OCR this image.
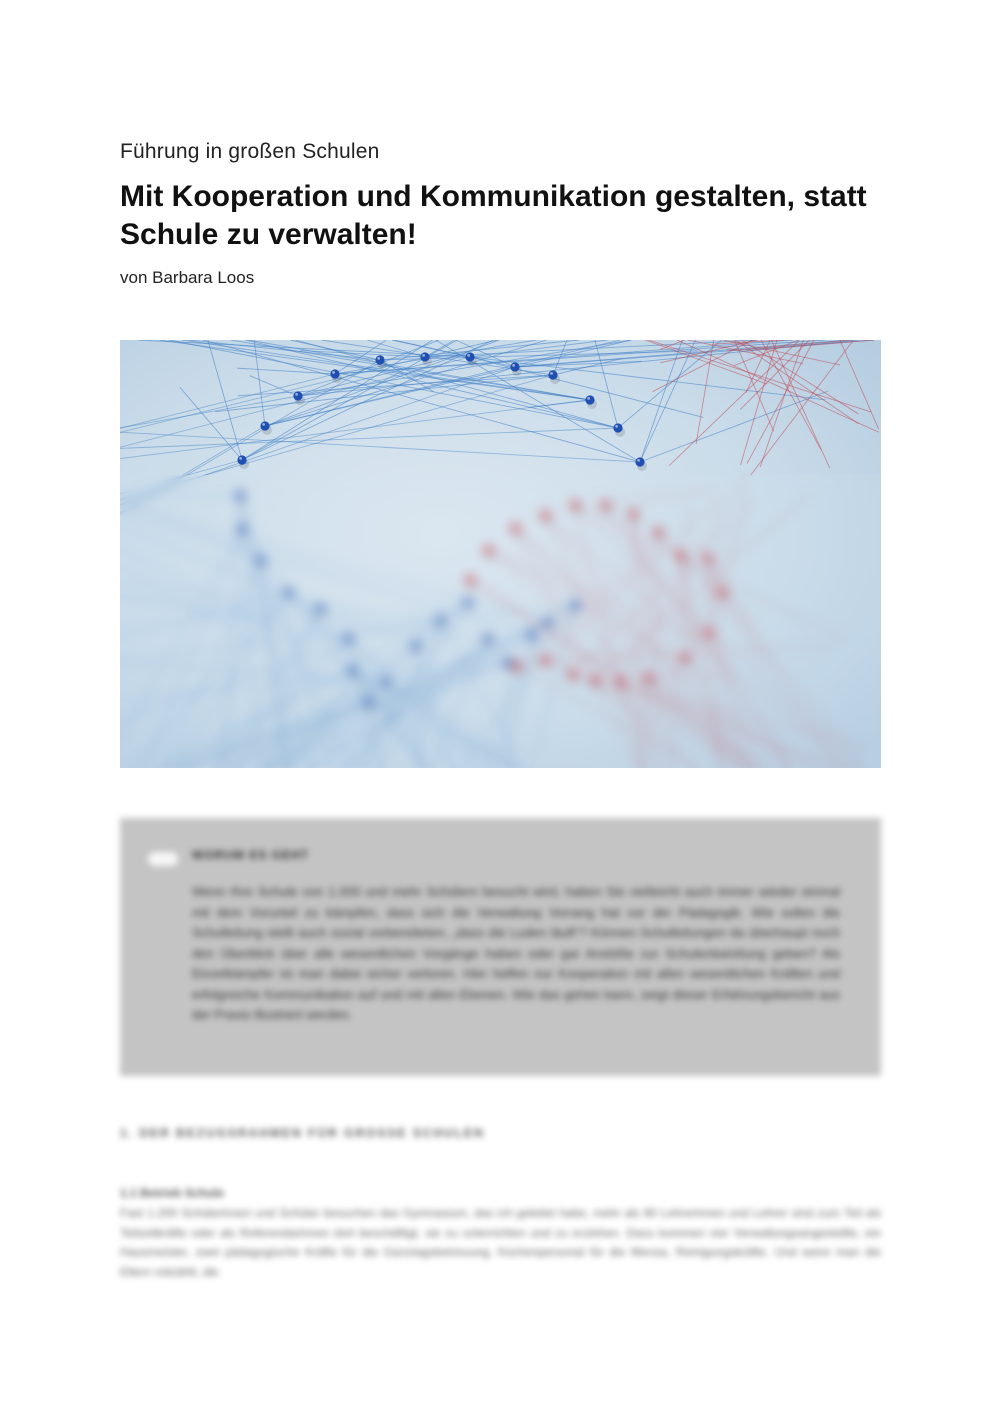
Führung in großen Schulen
Mit Kooperation und Kommunikation gestalten, statt Schule zu verwalten!
von Barbara Loos
WORUM ES GEHT
Wenn Ihre Schule von 1.000 und mehr Schülern besucht wird, haben Sie vielleicht auch immer wieder einmal mit dem Vorurteil zu kämpfen, dass sich die Verwaltung Vorrang hat vor der Pädagogik. Wie sollen die Schulleitung stellt auch sozial vorbereiteten, „dass die Luden läuft“? Können Schulleitungen da überhaupt noch den Überblick über alle wesentlichen Vorgänge haben oder gar Anstöße zur Schulentwicklung geben? Als Einzelkämpfer ist man dabei sicher verloren. Hier helfen nur Kooperation mit allen wesentlichen Kräften und erfolgreiche Kommunikation auf und mit allen Ebenen. Wie das gehen kann, zeigt dieser Erfahrungsbericht aus der Praxis illustriert werden.
1. DER BEZUGSRAHMEN FÜR GROSSE SCHULEN
1.1 Betrieb Schule
Fast 1.200 Schülerinnen und Schüler besuchen das Gymnasium, das ich geleitet habe, mehr als 80 Lehrerinnen und Lehrer sind zum Teil als Teilzeitkräfte oder als Referendarinnen dort beschäftigt, sie zu unterrichten und zu erziehen. Dazu kommen vier Verwaltungsangestellte, ein Hausmeister, zwei pädagogische Kräfte für die Ganztagsbetreuung, Küchenpersonal für die Mensa, Reinigungskräfte. Und wenn man die Eltern mitzählt, die
